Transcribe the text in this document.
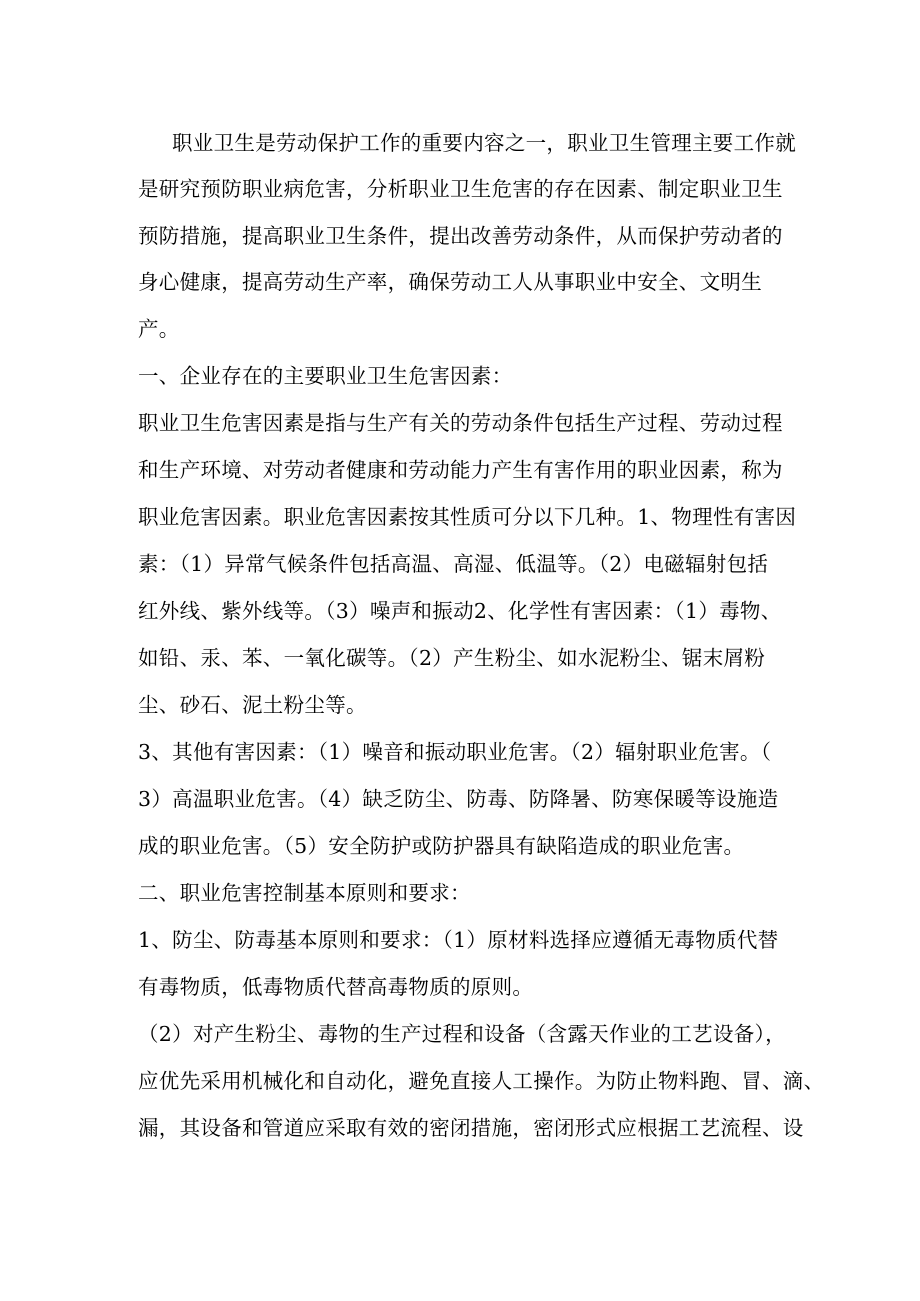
职业卫生是劳动保护工作的重要内容之一，职业卫生管理主要工作就
是研究预防职业病危害，分析职业卫生危害的存在因素、制定职业卫生
预防措施，提高职业卫生条件，提出改善劳动条件，从而保护劳动者的
身心健康，提高劳动生产率，确保劳动工人从事职业中安全、文明生
产。
一、企业存在的主要职业卫生危害因素：
职业卫生危害因素是指与生产有关的劳动条件包括生产过程、劳动过程
和生产环境、对劳动者健康和劳动能力产生有害作用的职业因素，称为
职业危害因素。职业危害因素按其性质可分以下几种。1、物理性有害因
素：（1）异常气候条件包括高温、高湿、低温等。（2）电磁辐射包括
红外线、紫外线等。（3）噪声和振动2、化学性有害因素：（1）毒物、
如铅、汞、苯、一氧化碳等。（2）产生粉尘、如水泥粉尘、锯末屑粉
尘、砂石、泥土粉尘等。
3、其他有害因素：（1）噪音和振动职业危害。（2）辐射职业危害。（
3）高温职业危害。（4）缺乏防尘、防毒、防降暑、防寒保暖等设施造
成的职业危害。（5）安全防护或防护器具有缺陷造成的职业危害。
二、职业危害控制基本原则和要求：
1、防尘、防毒基本原则和要求：（1）原材料选择应遵循无毒物质代替
有毒物质，低毒物质代替高毒物质的原则。
（2）对产生粉尘、毒物的生产过程和设备（含露天作业的工艺设备），
应优先采用机械化和自动化，避免直接人工操作。为防止物料跑、冒、滴、
漏，其设备和管道应采取有效的密闭措施，密闭形式应根据工艺流程、设
